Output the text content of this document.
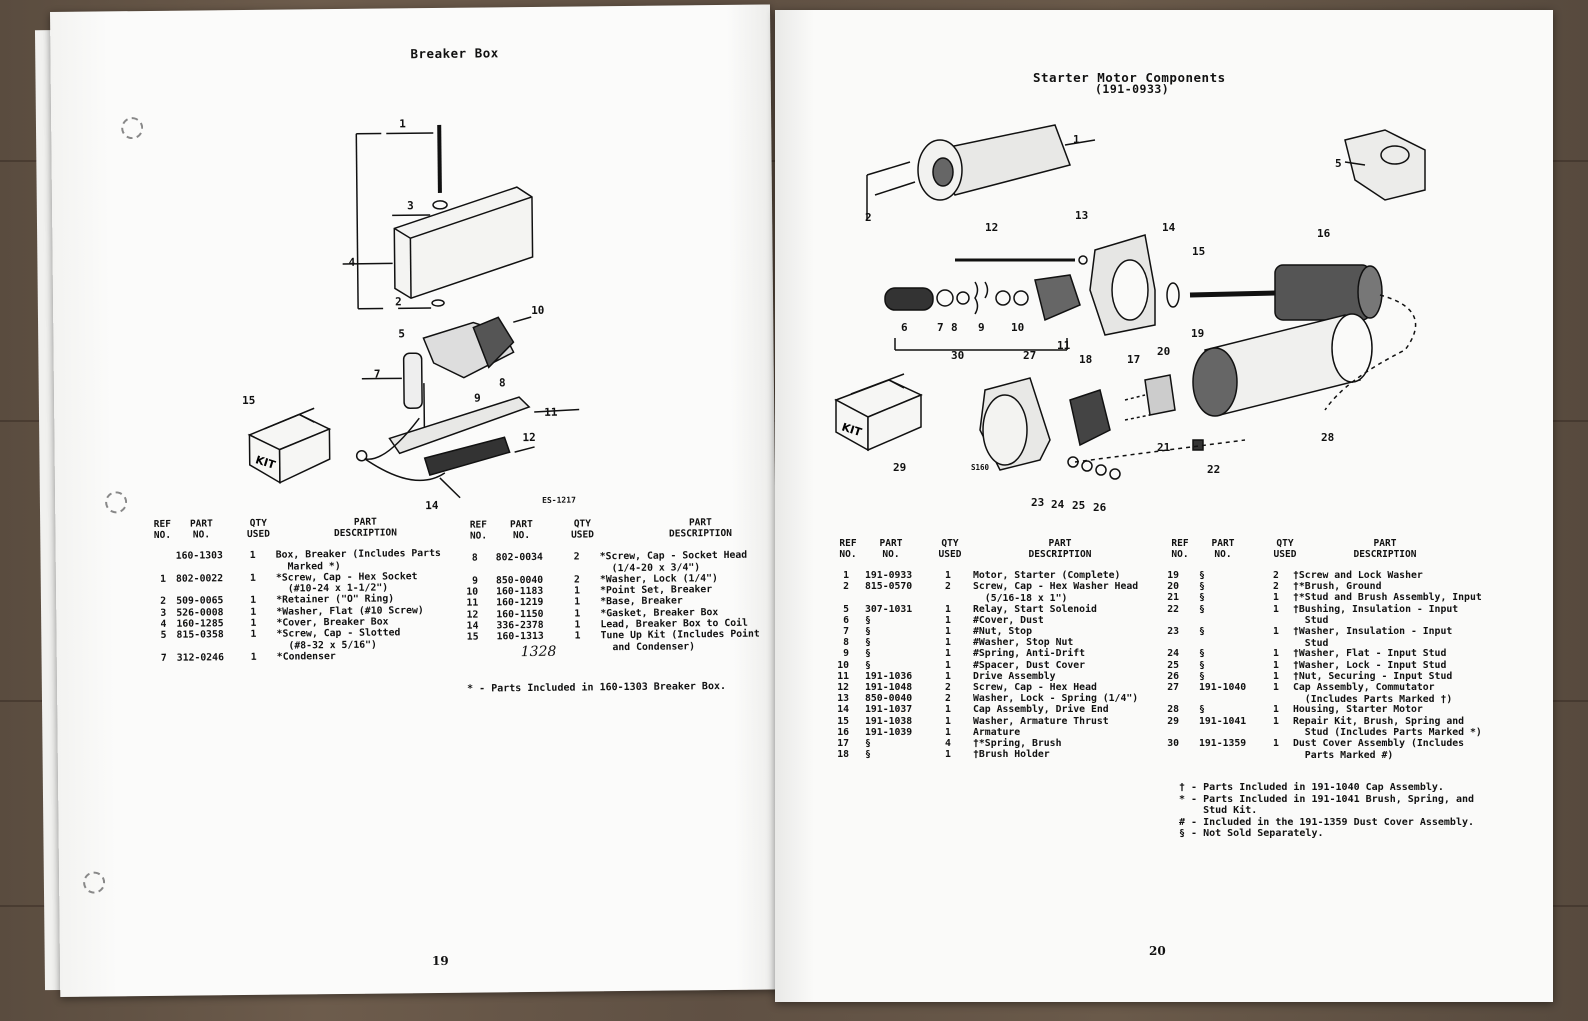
Breaker Box
1
2
3
4
5
7
8
9
10
11
12
14
15
KIT
ES-1217
REF
NO.
PART
NO.
QTY
USED
PART
DESCRIPTION
160-1303	1 Box, Breaker (Includes Parts
Marked *)
1 802-0022	1 *Screw, Cap - Hex Socket
(#10-24 x 1-1/2")
2 509-0065	1 *Retainer ("O" Ring)
3 526-0008	1 *Washer, Flat (#10 Screw)
4 160-1285	1 *Cover, Breaker Box
5 815-0358	1 *Screw, Cap - Slotted
(#8-32 x 5/16")
7 312-0246	1 *Condenser
REF
NO.
PART
NO.
QTY
USED
PART
DESCRIPTION
8 802-0034	2 *Screw, Cap - Socket Head
(1/4-20 x 3/4")
9 850-0040	2 *Washer, Lock (1/4")
10 160-1183	1 *Point Set, Breaker
11 160-1219	1 *Base, Breaker
12 160-1150	1 *Gasket, Breaker Box
14 336-2378	1 Lead, Breaker Box to Coil
15 160-1313	1 Tune Up Kit (Includes Point
and Condenser)
1328
* - Parts Included in 160-1303 Breaker Box.
19
Starter Motor Components
(191-0933)
KIT
1
2
5
6	7 8 9 10
11
12
13
14
15
16
17
18
19
20
21
22
23 24 25 26
27
28
29
30
S160
REF
NO.
PART
NO.
QTY
USED
PART
DESCRIPTION
1 191-0933	1 Motor, Starter (Complete)
2 815-0570	2 Screw, Cap - Hex Washer Head
(5/16-18 x 1")
5 307-1031	1 Relay, Start Solenoid
6 §	1 #Cover, Dust
7 §	1 #Nut, Stop
8 §	1 #Washer, Stop Nut
9 §	1 #Spring, Anti-Drift
10 §	1 #Spacer, Dust Cover
11 191-1036	1 Drive Assembly
12 191-1048	2 Screw, Cap - Hex Head
13 850-0040	2 Washer, Lock - Spring (1/4")
14 191-1037	1 Cap Assembly, Drive End
15 191-1038	1 Washer, Armature Thrust
16 191-1039	1 Armature
17 §	4 †*Spring, Brush
18 §	1 †Brush Holder
REF
NO.
PART
NO.
QTY
USED
PART
DESCRIPTION
19 §	2 †Screw and Lock Washer
20 §	2 †*Brush, Ground
21 §	1 †*Stud and Brush Assembly, Input
22 §	1 †Bushing, Insulation - Input
Stud
23 §	1 †Washer, Insulation - Input
Stud
24 §	1 †Washer, Flat - Input Stud
25 §	1 †Washer, Lock - Input Stud
26 §	1 †Nut, Securing - Input Stud
27 191-1040	1 Cap Assembly, Commutator
(Includes Parts Marked †)
28 §	1 Housing, Starter Motor
29 191-1041	1 Repair Kit, Brush, Spring and
Stud (Includes Parts Marked *)
30 191-1359	1 Dust Cover Assembly (Includes
Parts Marked #)
† - Parts Included in 191-1040 Cap Assembly.
* - Parts Included in 191-1041 Brush, Spring, and
Stud Kit.
# - Included in the 191-1359 Dust Cover Assembly.
§ - Not Sold Separately.
20
